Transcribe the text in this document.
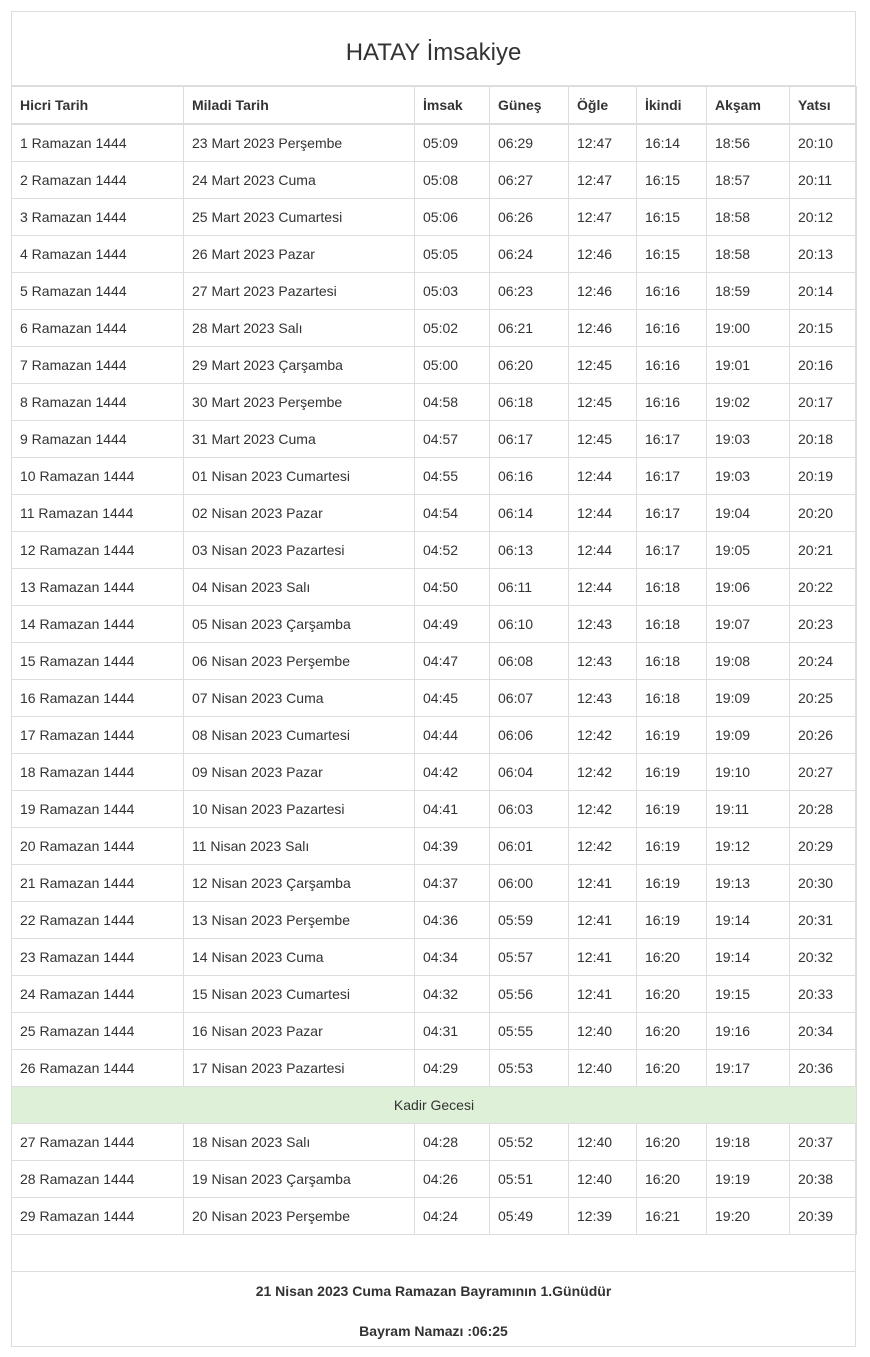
HATAY İmsakiye
Hicri Tarih	Miladi Tarih	İmsak	Güneş	Öğle	İkindi	Akşam	Yatsı
1 Ramazan 1444	23 Mart 2023 Perşembe	05:09	06:29	12:47	16:14	18:56	20:10
2 Ramazan 1444	24 Mart 2023 Cuma	05:08	06:27	12:47	16:15	18:57	20:11
3 Ramazan 1444	25 Mart 2023 Cumartesi	05:06	06:26	12:47	16:15	18:58	20:12
4 Ramazan 1444	26 Mart 2023 Pazar	05:05	06:24	12:46	16:15	18:58	20:13
5 Ramazan 1444	27 Mart 2023 Pazartesi	05:03	06:23	12:46	16:16	18:59	20:14
6 Ramazan 1444	28 Mart 2023 Salı	05:02	06:21	12:46	16:16	19:00	20:15
7 Ramazan 1444	29 Mart 2023 Çarşamba	05:00	06:20	12:45	16:16	19:01	20:16
8 Ramazan 1444	30 Mart 2023 Perşembe	04:58	06:18	12:45	16:16	19:02	20:17
9 Ramazan 1444	31 Mart 2023 Cuma	04:57	06:17	12:45	16:17	19:03	20:18
10 Ramazan 1444	01 Nisan 2023 Cumartesi	04:55	06:16	12:44	16:17	19:03	20:19
11 Ramazan 1444	02 Nisan 2023 Pazar	04:54	06:14	12:44	16:17	19:04	20:20
12 Ramazan 1444	03 Nisan 2023 Pazartesi	04:52	06:13	12:44	16:17	19:05	20:21
13 Ramazan 1444	04 Nisan 2023 Salı	04:50	06:11	12:44	16:18	19:06	20:22
14 Ramazan 1444	05 Nisan 2023 Çarşamba	04:49	06:10	12:43	16:18	19:07	20:23
15 Ramazan 1444	06 Nisan 2023 Perşembe	04:47	06:08	12:43	16:18	19:08	20:24
16 Ramazan 1444	07 Nisan 2023 Cuma	04:45	06:07	12:43	16:18	19:09	20:25
17 Ramazan 1444	08 Nisan 2023 Cumartesi	04:44	06:06	12:42	16:19	19:09	20:26
18 Ramazan 1444	09 Nisan 2023 Pazar	04:42	06:04	12:42	16:19	19:10	20:27
19 Ramazan 1444	10 Nisan 2023 Pazartesi	04:41	06:03	12:42	16:19	19:11	20:28
20 Ramazan 1444	11 Nisan 2023 Salı	04:39	06:01	12:42	16:19	19:12	20:29
21 Ramazan 1444	12 Nisan 2023 Çarşamba	04:37	06:00	12:41	16:19	19:13	20:30
22 Ramazan 1444	13 Nisan 2023 Perşembe	04:36	05:59	12:41	16:19	19:14	20:31
23 Ramazan 1444	14 Nisan 2023 Cuma	04:34	05:57	12:41	16:20	19:14	20:32
24 Ramazan 1444	15 Nisan 2023 Cumartesi	04:32	05:56	12:41	16:20	19:15	20:33
25 Ramazan 1444	16 Nisan 2023 Pazar	04:31	05:55	12:40	16:20	19:16	20:34
26 Ramazan 1444	17 Nisan 2023 Pazartesi	04:29	05:53	12:40	16:20	19:17	20:36
Kadir Gecesi							
27 Ramazan 1444	18 Nisan 2023 Salı	04:28	05:52	12:40	16:20	19:18	20:37
28 Ramazan 1444	19 Nisan 2023 Çarşamba	04:26	05:51	12:40	16:20	19:19	20:38
29 Ramazan 1444	20 Nisan 2023 Perşembe	04:24	05:49	12:39	16:21	19:20	20:39
21 Nisan 2023 Cuma Ramazan Bayramının 1.Günüdür
Bayram Namazı :06:25
